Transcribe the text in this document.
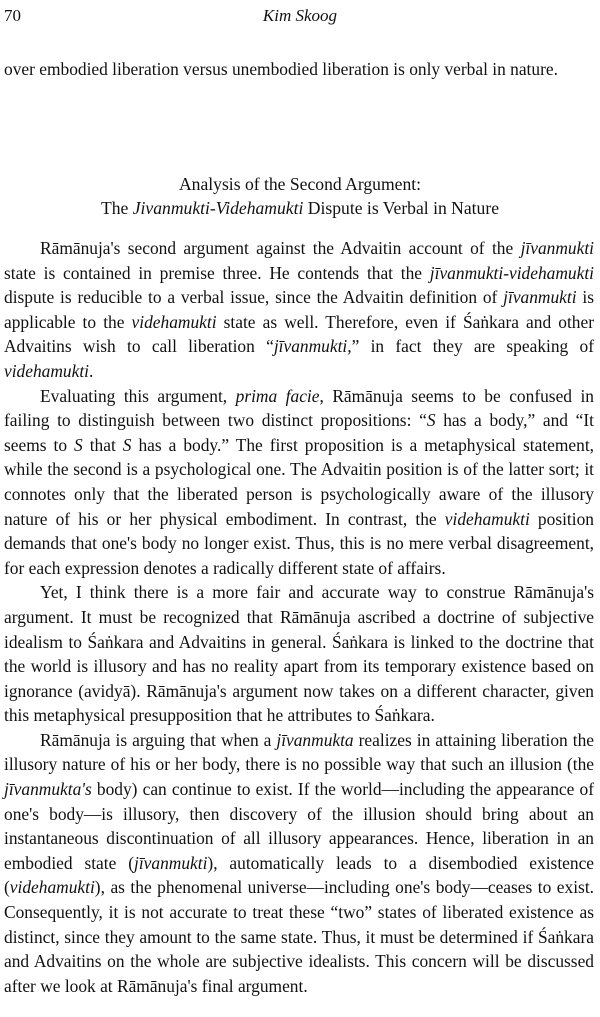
70	Kim Skoog

over embodied liberation versus unembodied liberation is only verbal in nature.

Analysis of the Second Argument:
The Jivanmukti-Videhamukti Dispute is Verbal in Nature

Rāmānuja's second argument against the Advaitin account of the jīvanmukti state is contained in premise three. He contends that the jīvanmukti-videhamukti dispute is reducible to a verbal issue, since the Advaitin definition of jīvanmukti is applicable to the videhamukti state as well. Therefore, even if Śaṅkara and other Advaitins wish to call liberation “jīvanmukti,” in fact they are speaking of videhamukti.

Evaluating this argument, prima facie, Rāmānuja seems to be confused in failing to distinguish between two distinct propositions: “S has a body,” and “It seems to S that S has a body.” The first proposition is a metaphysical statement, while the second is a psychological one. The Advaitin position is of the latter sort; it connotes only that the liberated person is psychologically aware of the illusory nature of his or her physical embodiment. In contrast, the videhamukti position demands that one's body no longer exist. Thus, this is no mere verbal disagreement, for each expression denotes a radically different state of affairs.

Yet, I think there is a more fair and accurate way to construe Rāmānuja's argument. It must be recognized that Rāmānuja ascribed a doctrine of subjective idealism to Śaṅkara and Advaitins in general. Śaṅkara is linked to the doctrine that the world is illusory and has no reality apart from its temporary existence based on ignorance (avidyā). Rāmānuja's argument now takes on a different character, given this metaphysical presupposition that he attributes to Śaṅkara.

Rāmānuja is arguing that when a jīvanmukta realizes in attaining liberation the illusory nature of his or her body, there is no possible way that such an illusion (the jīvanmukta's body) can continue to exist. If the world—including the appearance of one's body—is illusory, then discovery of the illusion should bring about an instantaneous discontinuation of all illusory appearances. Hence, liberation in an embodied state (jīvanmukti), automatically leads to a disembodied existence (videhamukti), as the phenomenal universe—including one's body—ceases to exist. Consequently, it is not accurate to treat these “two” states of liberated existence as distinct, since they amount to the same state. Thus, it must be determined if Śaṅkara and Advaitins on the whole are subjective idealists. This concern will be discussed after we look at Rāmānuja's final argument.
